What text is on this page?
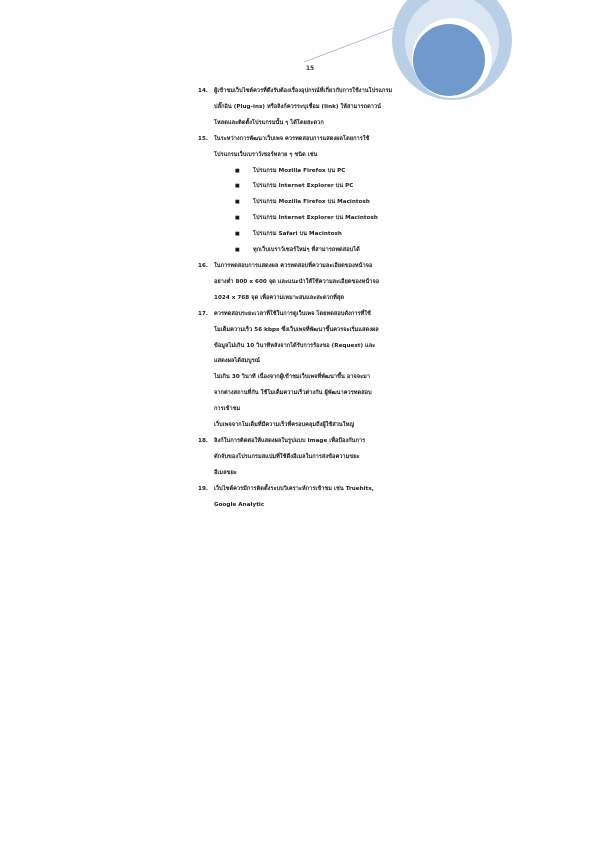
15
14. ผู้เข้าชมเว็บไซต์ควรที่ดึงรับต้องเรื่องอุปกรณ์ที่เกี่ยวกับการใช้งานโปรแกรม
ปลั๊กอิน (Plug-ins) หรือลิงก์ควรระบุเชื่อม (link) ให้สามารถดาวน์
โหลดและติดตั้งโปรแกรมนั้น ๆ ได้โดยสะดวก
15. ในระหว่างการพัฒนาเว็บเพจ ควรทดสอบการแสดงผลโดยการใช้
โปรแกรมเว็บเบราว์เซอร์หลาย ๆ ชนิด เช่น
■ โปรแกรม Mozilla Firefox บน PC
■ โปรแกรม Internet Explorer บน PC
■ โปรแกรม Mozilla Firefox บน Macintosh
■ โปรแกรม Internet Explorer บน Macintosh
■ โปรแกรม Safari บน Macintosh
■ ทุกเว็บเบราว์เซอร์ใหม่ๆ ที่สามารถทดสอบได้
16. ในการทดสอบการแสดงผล ควรทดสอบที่ความละเอียดของหน้าจอ
อย่างต่ำ 800 x 600 จุด และแนะนำให้ใช้ความละเอียดของหน้าจอ
1024 x 768 จุด เพื่อความเหมาะสมและสะดวกที่สุด
17. ควรทดสอบระยะเวลาที่ใช้ในการดูเว็บเพจ โดยทดสอบดังการที่ใช้
โมเด็มความเร็ว 56 kbps ซึ่งเว็บเพจที่พัฒนาขึ้นควรจะเริ่มแสดงผล
ข้อมูลไม่เกิน 10 วินาทีหลังจากได้รับการร้องขอ (Request) และ
แสดงผลได้สมบูรณ์
ไม่เกิน 30 วินาที เนื่องจากผู้เข้าชมเว็บเพจที่พัฒนาขึ้น อาจจะมา
จากต่างสถานที่กัน ใช้โมเด็มความเร็วต่างกัน ผู้พัฒนาควรทดสอบ
การเข้าชม
เว็บเพจจากโมเด็มที่มีความเร็วที่ครอบคลุมถึงผู้ใช้ส่วนใหญ่
18. ลิงก์ในการติดต่อให้แสดงผลในรูปแบบ Image เพื่อป้องกันการ
ดักจับของโปรแกรมสแปมที่ใช้ดึงอีเมลในการส่งข้อความขยะ
อีเมลขยะ
19. เว็บไซต์ควรมีการติดตั้งระบบวิเคราะห์การเข้าชม เช่น Truehits,
Google Analytic
